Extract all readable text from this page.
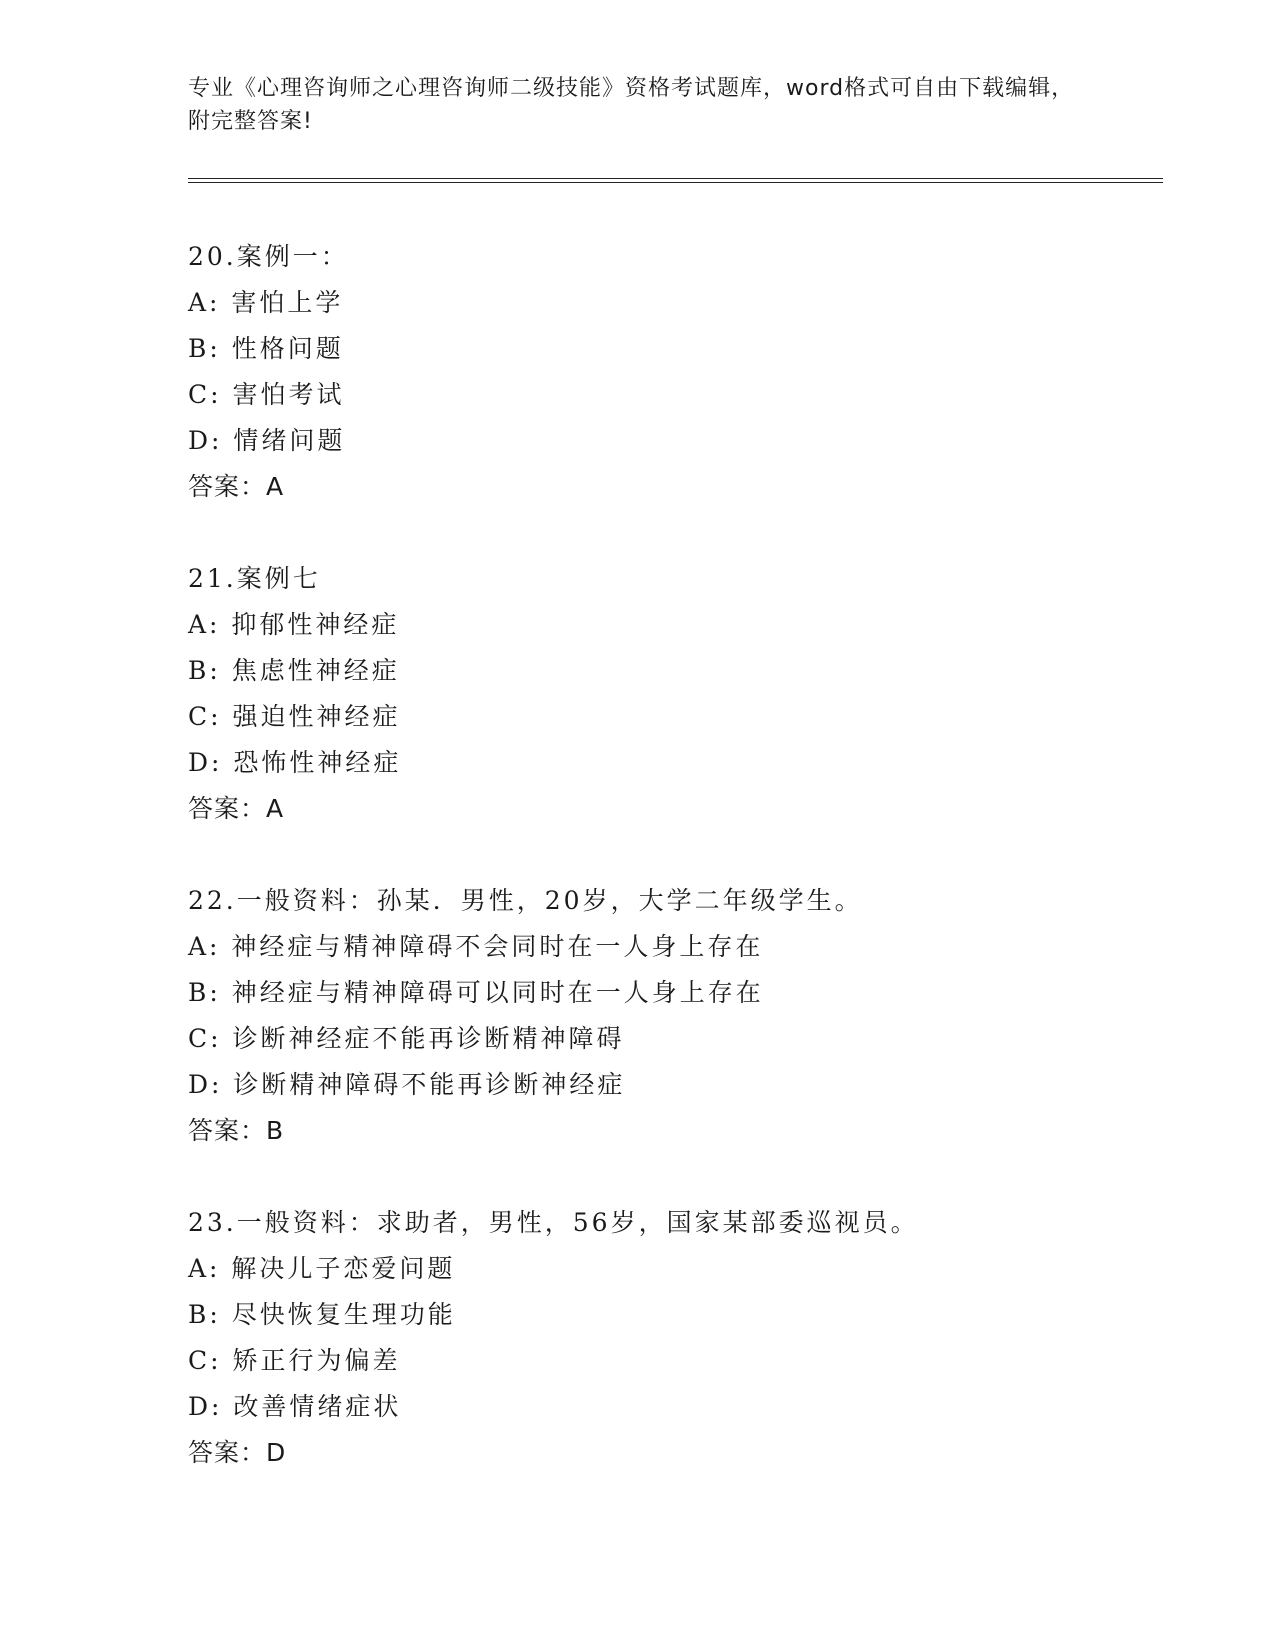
专业《心理咨询师之心理咨询师二级技能》资格考试题库，word格式可自由下载编辑，附完整答案!
20.案例一：
A: 害怕上学
B: 性格问题
C: 害怕考试
D: 情绪问题
答案：A
21.案例七
A: 抑郁性神经症
B: 焦虑性神经症
C: 强迫性神经症
D: 恐怖性神经症
答案：A
22.一般资料：孙某．男性，20岁，大学二年级学生。
A: 神经症与精神障碍不会同时在一人身上存在
B: 神经症与精神障碍可以同时在一人身上存在
C: 诊断神经症不能再诊断精神障碍
D: 诊断精神障碍不能再诊断神经症
答案：B
23.一般资料：求助者，男性，56岁，国家某部委巡视员。
A: 解决儿子恋爱问题
B: 尽快恢复生理功能
C: 矫正行为偏差
D: 改善情绪症状
答案：D
